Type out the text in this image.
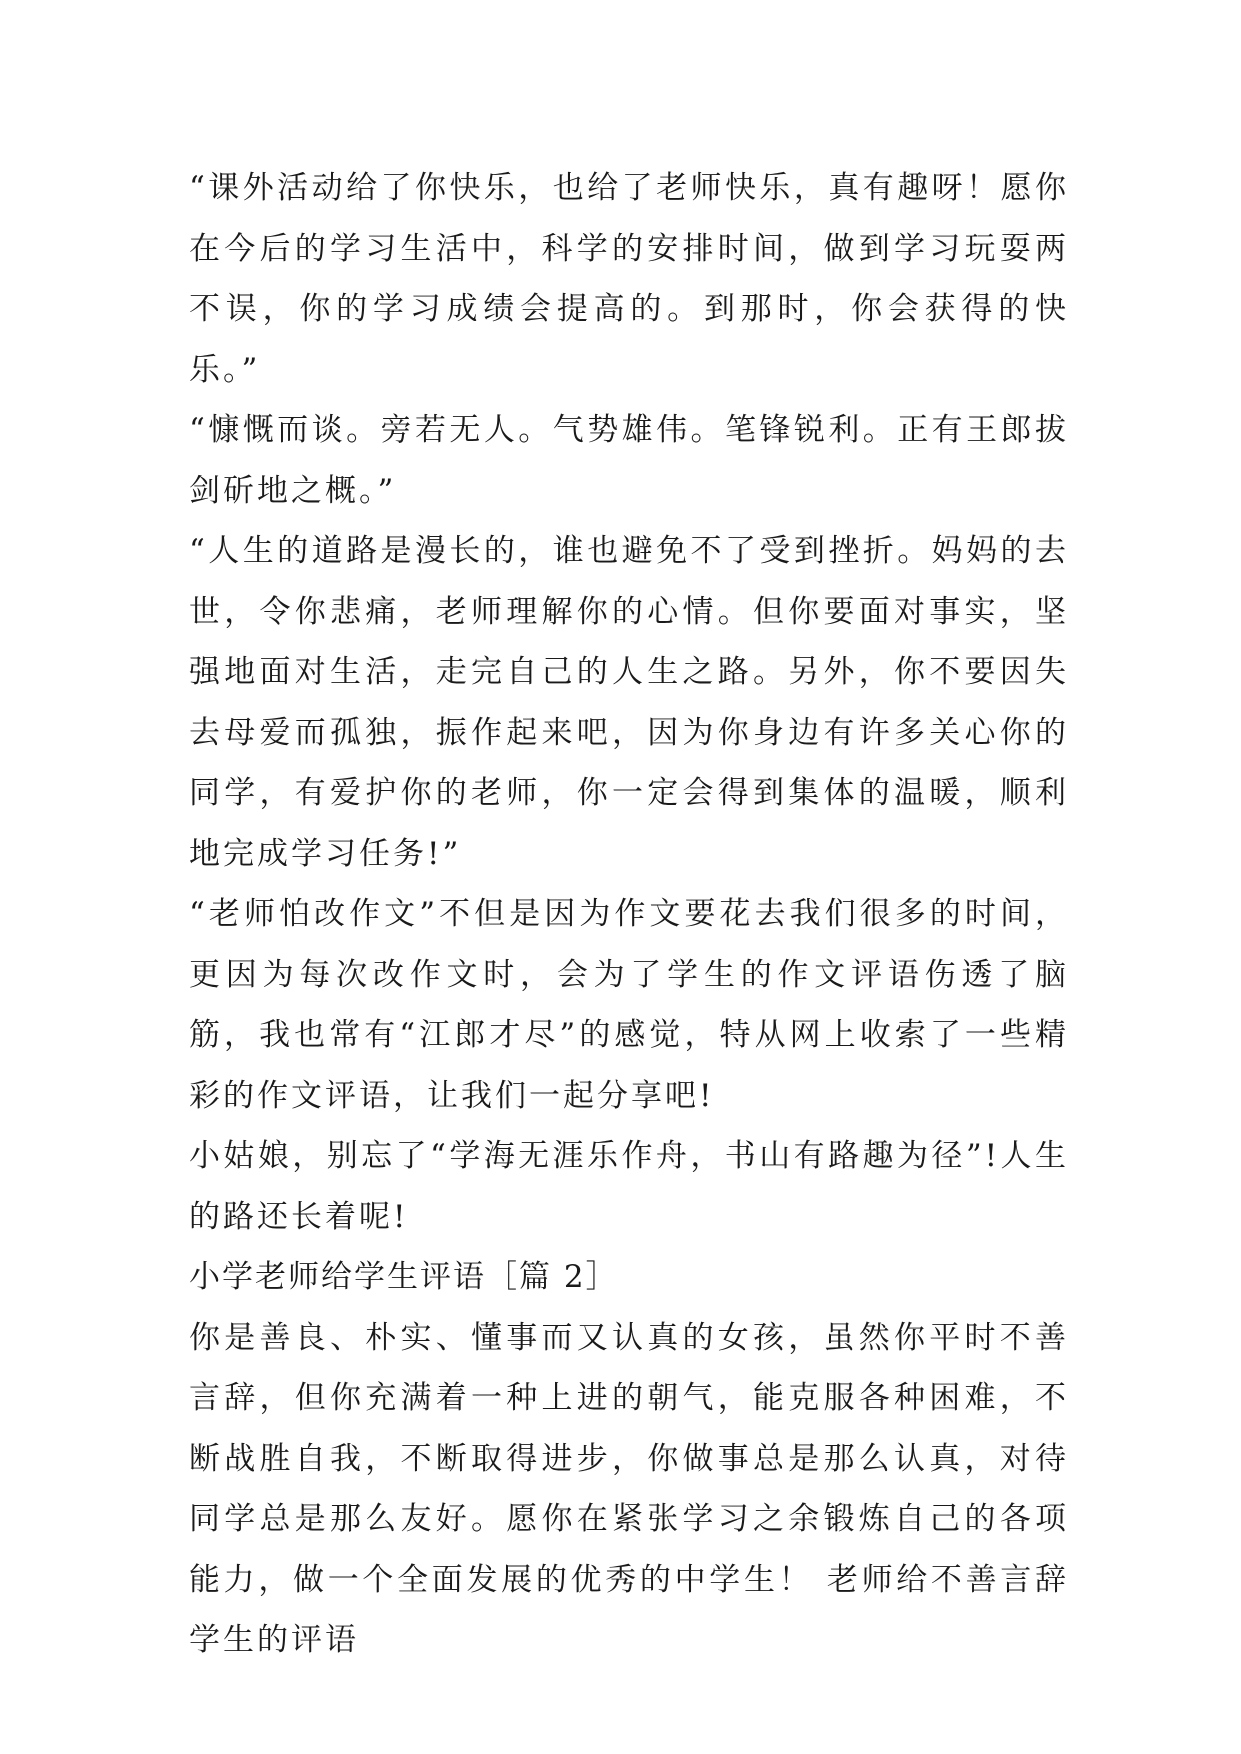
“课外活动给了你快乐，也给了老师快乐，真有趣呀！愿你在今后的学习生活中，科学的安排时间，做到学习玩耍两不误，你的学习成绩会提高的。到那时，你会获得的快乐。”

“慷慨而谈。旁若无人。气势雄伟。笔锋锐利。正有王郎拔剑斫地之概。”

“人生的道路是漫长的，谁也避免不了受到挫折。妈妈的去世，令你悲痛，老师理解你的心情。但你要面对事实，坚强地面对生活，走完自己的人生之路。另外，你不要因失去母爱而孤独，振作起来吧，因为你身边有许多关心你的同学，有爱护你的老师，你一定会得到集体的温暖，顺利地完成学习任务!”

“老师怕改作文”不但是因为作文要花去我们很多的时间，更因为每次改作文时，会为了学生的作文评语伤透了脑筋，我也常有“江郎才尽”的感觉，特从网上收索了一些精彩的作文评语，让我们一起分享吧!

小姑娘，别忘了“学海无涯乐作舟，书山有路趣为径”!人生的路还长着呢!

小学老师给学生评语［篇 2］

你是善良、朴实、懂事而又认真的女孩，虽然你平时不善言辞，但你充满着一种上进的朝气，能克服各种困难，不断战胜自我，不断取得进步，你做事总是那么认真，对待同学总是那么友好。愿你在紧张学习之余锻炼自己的各项能力，做一个全面发展的优秀的中学生！ 老师给不善言辞学生的评语
